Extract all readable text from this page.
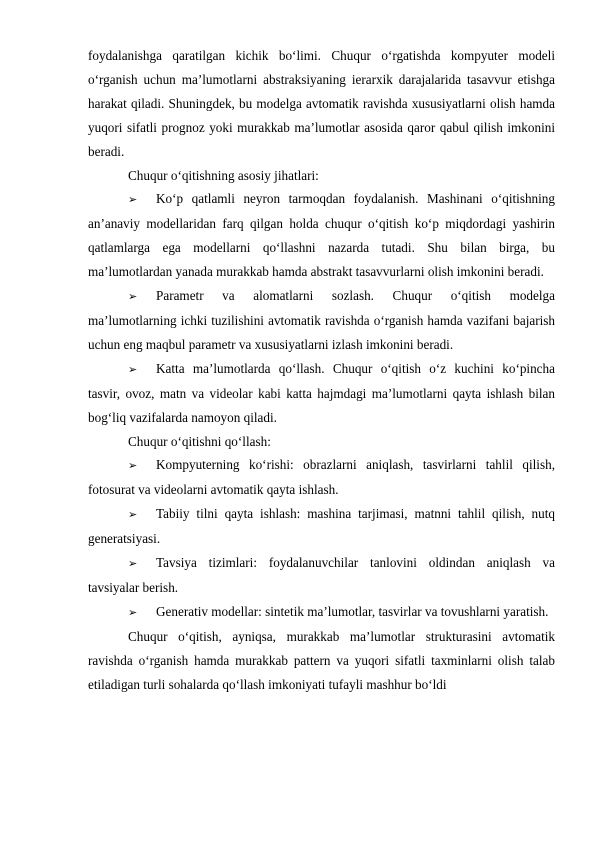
foydalanishga qaratilgan kichik bo‘limi. Chuqur o‘rgatishda kompyuter modeli o‘rganish uchun ma’lumotlarni abstraksiyaning ierarxik darajalarida tasavvur etishga harakat qiladi. Shuningdek, bu modelga avtomatik ravishda xususiyatlarni olish hamda yuqori sifatli prognoz yoki murakkab ma’lumotlar asosida qaror qabul qilish imkonini beradi.

Chuqur o‘qitishning asosiy jihatlari:

➢ Ko‘p qatlamli neyron tarmoqdan foydalanish. Mashinani o‘qitishning an’anaviy modellaridan farq qilgan holda chuqur o‘qitish ko‘p miqdordagi yashirin qatlamlarga ega modellarni qo‘llashni nazarda tutadi. Shu bilan birga, bu ma’lumotlardan yanada murakkab hamda abstrakt tasavvurlarni olish imkonini beradi.

➢ Parametr va alomatlarni sozlash. Chuqur o‘qitish modelga ma’lumotlarning ichki tuzilishini avtomatik ravishda o‘rganish hamda vazifani bajarish uchun eng maqbul parametr va xususiyatlarni izlash imkonini beradi.

➢ Katta ma’lumotlarda qo‘llash. Chuqur o‘qitish o‘z kuchini ko‘pincha tasvir, ovoz, matn va videolar kabi katta hajmdagi ma’lumotlarni qayta ishlash bilan bog‘liq vazifalarda namoyon qiladi.

Chuqur o‘qitishni qo‘llash:

➢ Kompyuterning ko‘rishi: obrazlarni aniqlash, tasvirlarni tahlil qilish, fotosurat va videolarni avtomatik qayta ishlash.

➢ Tabiiy tilni qayta ishlash: mashina tarjimasi, matnni tahlil qilish, nutq generatsiyasi.

➢ Tavsiya tizimlari: foydalanuvchilar tanlovini oldindan aniqlash va tavsiyalar berish.

➢ Generativ modellar: sintetik ma’lumotlar, tasvirlar va tovushlarni yaratish.

Chuqur o‘qitish, ayniqsa, murakkab ma’lumotlar strukturasini avtomatik ravishda o‘rganish hamda murakkab pattern va yuqori sifatli taxminlarni olish talab etiladigan turli sohalarda qo‘llash imkoniyati tufayli mashhur bo‘ldi
